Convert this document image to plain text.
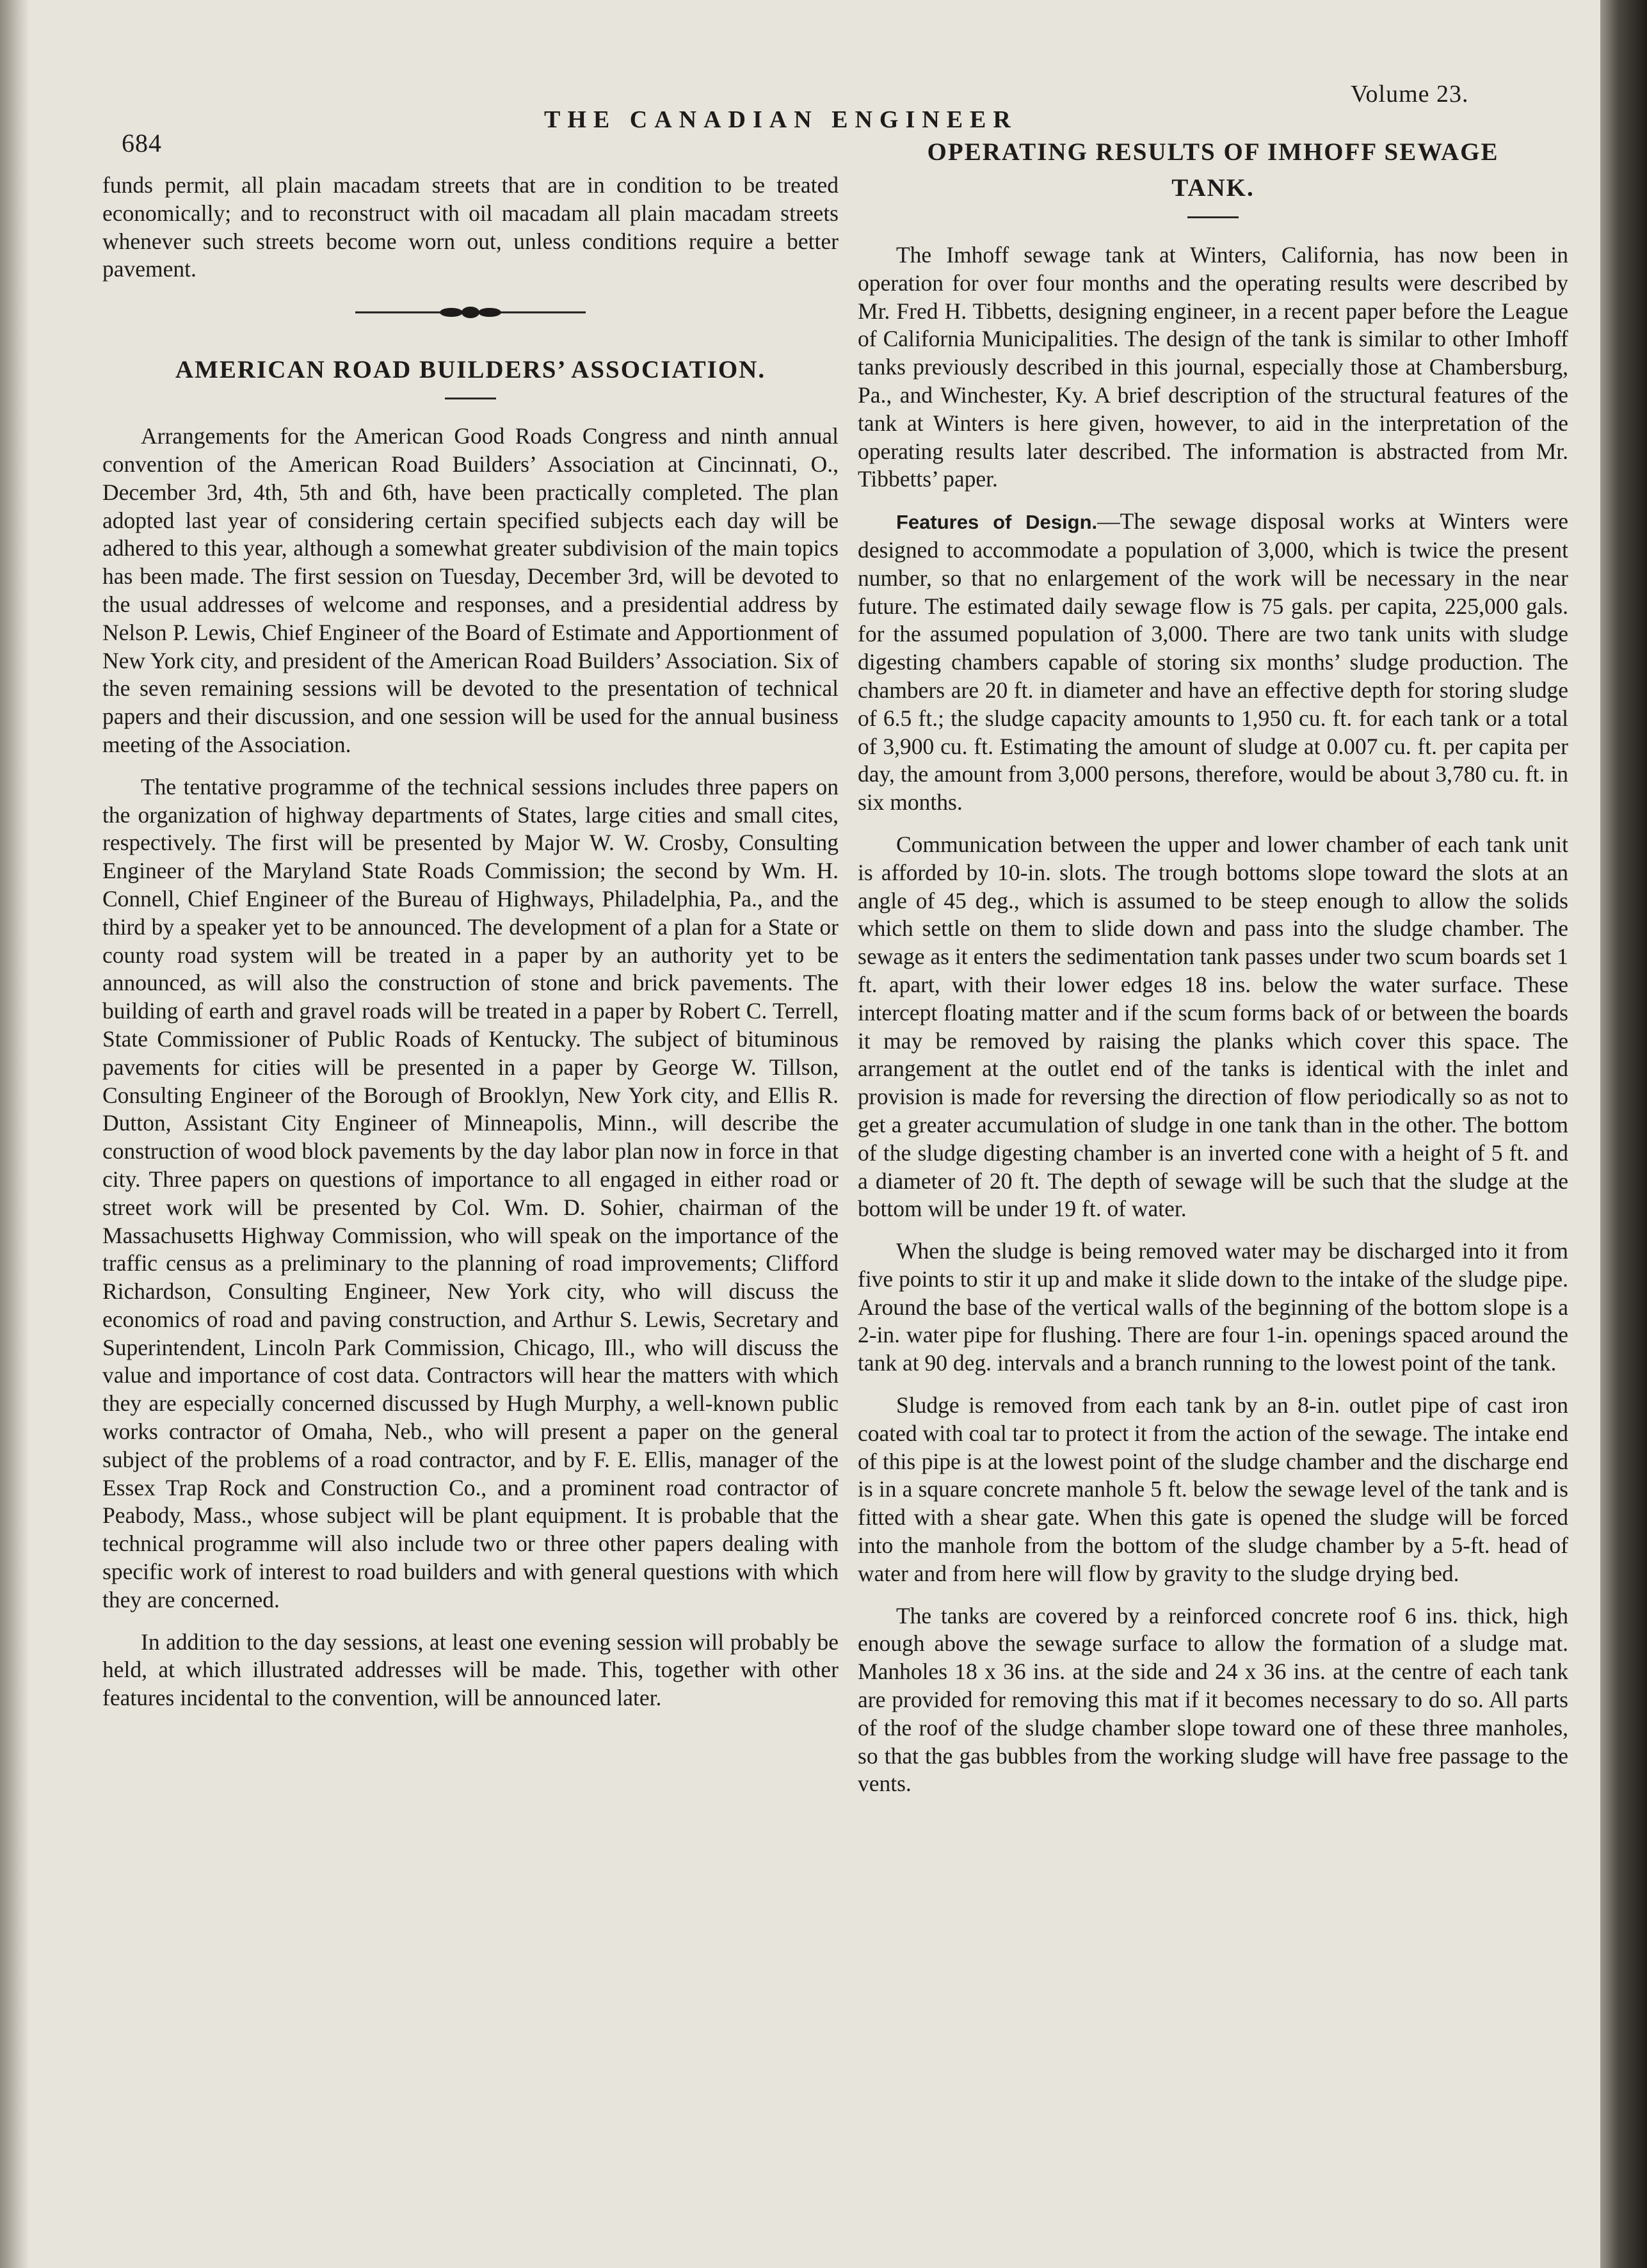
684
THE CANADIAN ENGINEER
Volume 23.

funds permit, all plain macadam streets that are in condition to be treated economically; and to reconstruct with oil macadam all plain macadam streets whenever such streets become worn out, unless conditions require a better pavement.

AMERICAN ROAD BUILDERS’ ASSOCIATION.

Arrangements for the American Good Roads Congress and ninth annual convention of the American Road Builders’ Association at Cincinnati, O., December 3rd, 4th, 5th and 6th, have been practically completed. The plan adopted last year of considering certain specified subjects each day will be adhered to this year, although a somewhat greater subdivision of the main topics has been made. The first session on Tuesday, December 3rd, will be devoted to the usual addresses of welcome and responses, and a presidential address by Nelson P. Lewis, Chief Engineer of the Board of Estimate and Apportionment of New York city, and president of the American Road Builders’ Association. Six of the seven remaining sessions will be devoted to the presentation of technical papers and their discussion, and one session will be used for the annual business meeting of the Association.

The tentative programme of the technical sessions includes three papers on the organization of highway departments of States, large cities and small cites, respectively. The first will be presented by Major W. W. Crosby, Consulting Engineer of the Maryland State Roads Commission; the second by Wm. H. Connell, Chief Engineer of the Bureau of Highways, Philadelphia, Pa., and the third by a speaker yet to be announced. The development of a plan for a State or county road system will be treated in a paper by an authority yet to be announced, as will also the construction of stone and brick pavements. The building of earth and gravel roads will be treated in a paper by Robert C. Terrell, State Commissioner of Public Roads of Kentucky. The subject of bituminous pavements for cities will be presented in a paper by George W. Tillson, Consulting Engineer of the Borough of Brooklyn, New York city, and Ellis R. Dutton, Assistant City Engineer of Minneapolis, Minn., will describe the construction of wood block pavements by the day labor plan now in force in that city. Three papers on questions of importance to all engaged in either road or street work will be presented by Col. Wm. D. Sohier, chairman of the Massachusetts Highway Commission, who will speak on the importance of the traffic census as a preliminary to the planning of road improvements; Clifford Richardson, Consulting Engineer, New York city, who will discuss the economics of road and paving construction, and Arthur S. Lewis, Secretary and Superintendent, Lincoln Park Commission, Chicago, Ill., who will discuss the value and importance of cost data. Contractors will hear the matters with which they are especially concerned discussed by Hugh Murphy, a well-known public works contractor of Omaha, Neb., who will present a paper on the general subject of the problems of a road contractor, and by F. E. Ellis, manager of the Essex Trap Rock and Construction Co., and a prominent road contractor of Peabody, Mass., whose subject will be plant equipment. It is probable that the technical programme will also include two or three other papers dealing with specific work of interest to road builders and with general questions with which they are concerned.

In addition to the day sessions, at least one evening session will probably be held, at which illustrated addresses will be made. This, together with other features incidental to the convention, will be announced later.

OPERATING RESULTS OF IMHOFF SEWAGE
TANK.

The Imhoff sewage tank at Winters, California, has now been in operation for over four months and the operating results were described by Mr. Fred H. Tibbetts, designing engineer, in a recent paper before the League of California Municipalities. The design of the tank is similar to other Imhoff tanks previously described in this journal, especially those at Chambersburg, Pa., and Winchester, Ky. A brief description of the structural features of the tank at Winters is here given, however, to aid in the interpretation of the operating results later described. The information is abstracted from Mr. Tibbetts’ paper.

Features of Design.—The sewage disposal works at Winters were designed to accommodate a population of 3,000, which is twice the present number, so that no enlargement of the work will be necessary in the near future. The estimated daily sewage flow is 75 gals. per capita, 225,000 gals. for the assumed population of 3,000. There are two tank units with sludge digesting chambers capable of storing six months’ sludge production. The chambers are 20 ft. in diameter and have an effective depth for storing sludge of 6.5 ft.; the sludge capacity amounts to 1,950 cu. ft. for each tank or a total of 3,900 cu. ft. Estimating the amount of sludge at 0.007 cu. ft. per capita per day, the amount from 3,000 persons, therefore, would be about 3,780 cu. ft. in six months.

Communication between the upper and lower chamber of each tank unit is afforded by 10-in. slots. The trough bottoms slope toward the slots at an angle of 45 deg., which is assumed to be steep enough to allow the solids which settle on them to slide down and pass into the sludge chamber. The sewage as it enters the sedimentation tank passes under two scum boards set 1 ft. apart, with their lower edges 18 ins. below the water surface. These intercept floating matter and if the scum forms back of or between the boards it may be removed by raising the planks which cover this space. The arrangement at the outlet end of the tanks is identical with the inlet and provision is made for reversing the direction of flow periodically so as not to get a greater accumulation of sludge in one tank than in the other. The bottom of the sludge digesting chamber is an inverted cone with a height of 5 ft. and a diameter of 20 ft. The depth of sewage will be such that the sludge at the bottom will be under 19 ft. of water.

When the sludge is being removed water may be discharged into it from five points to stir it up and make it slide down to the intake of the sludge pipe. Around the base of the vertical walls of the beginning of the bottom slope is a 2-in. water pipe for flushing. There are four 1-in. openings spaced around the tank at 90 deg. intervals and a branch running to the lowest point of the tank.

Sludge is removed from each tank by an 8-in. outlet pipe of cast iron coated with coal tar to protect it from the action of the sewage. The intake end of this pipe is at the lowest point of the sludge chamber and the discharge end is in a square concrete manhole 5 ft. below the sewage level of the tank and is fitted with a shear gate. When this gate is opened the sludge will be forced into the manhole from the bottom of the sludge chamber by a 5-ft. head of water and from here will flow by gravity to the sludge drying bed.

The tanks are covered by a reinforced concrete roof 6 ins. thick, high enough above the sewage surface to allow the formation of a sludge mat. Manholes 18 x 36 ins. at the side and 24 x 36 ins. at the centre of each tank are provided for removing this mat if it becomes necessary to do so. All parts of the roof of the sludge chamber slope toward one of these three manholes, so that the gas bubbles from the working sludge will have free passage to the vents.
